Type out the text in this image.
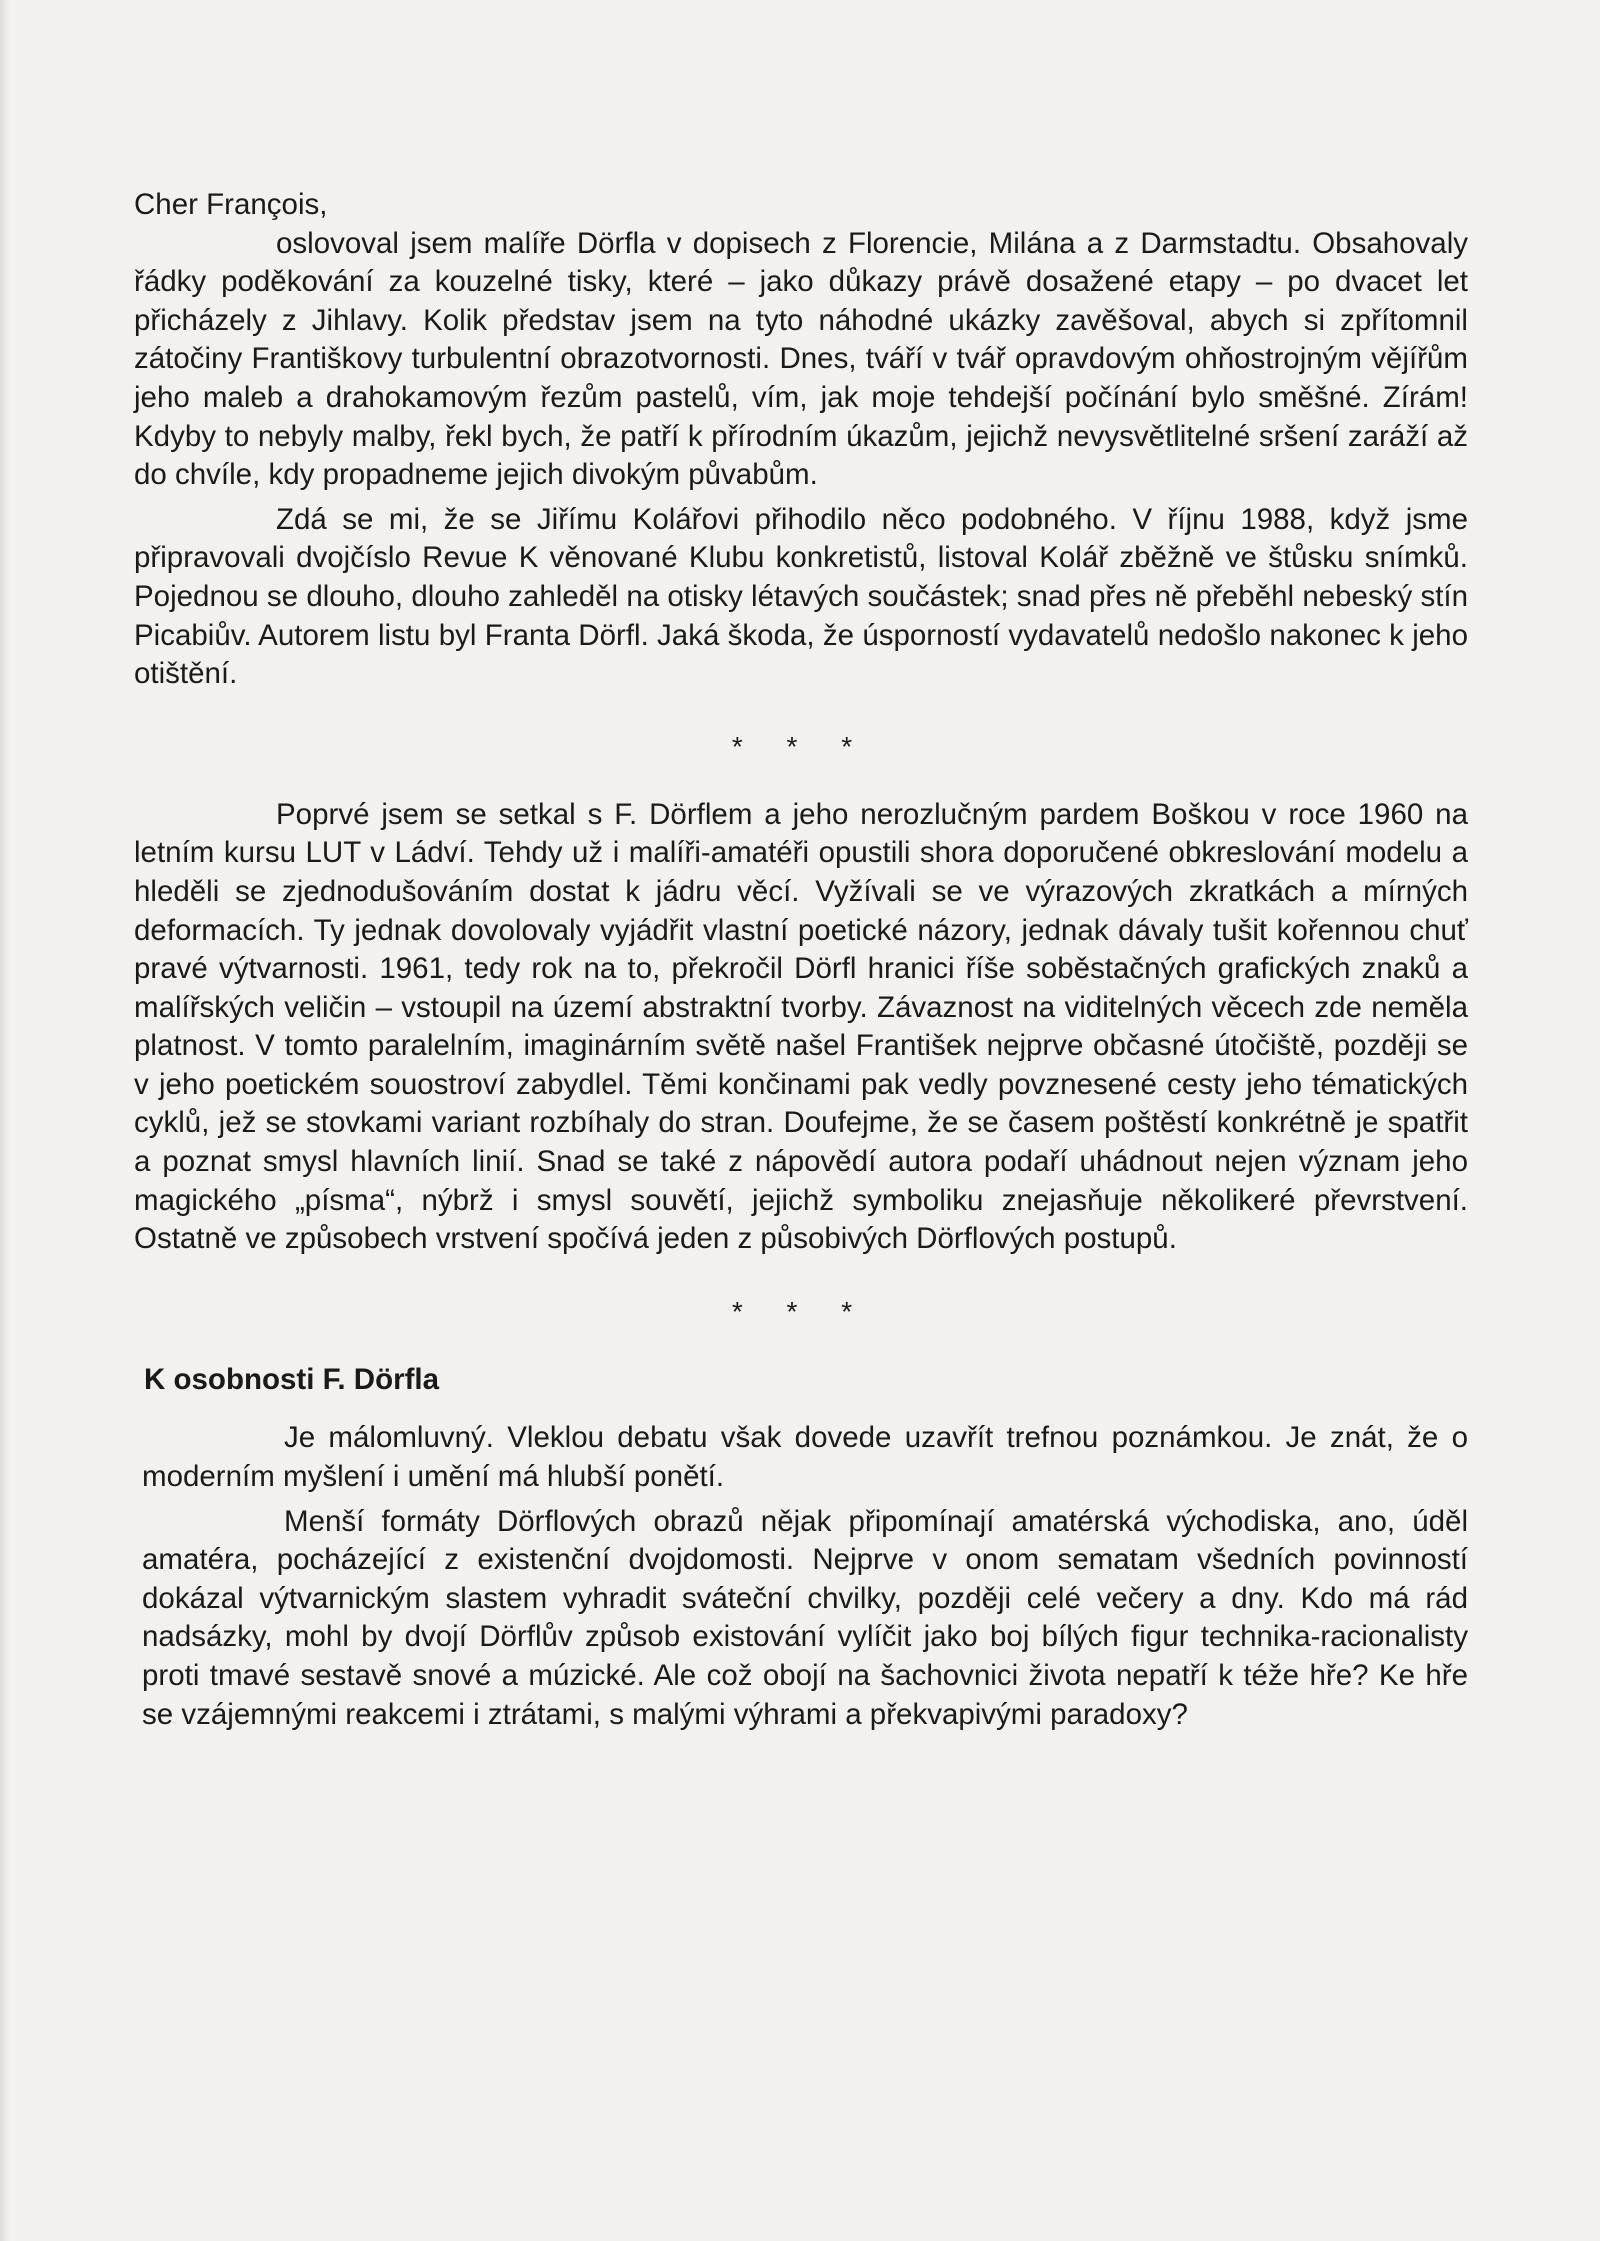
Cher François,

oslovoval jsem malíře Dörfla v dopisech z Florencie, Milána a z Darmstadtu. Obsahovaly řádky poděkování za kouzelné tisky, které – jako důkazy právě dosažené etapy – po dvacet let přicházely z Jihlavy. Kolik představ jsem na tyto náhodné ukázky zavěšoval, abych si zpřítomnil zátočiny Františkovy turbulentní obrazotvornosti. Dnes, tváří v tvář opravdovým ohňostrojným vějířům jeho maleb a drahokamovým řezům pastelů, vím, jak moje tehdejší počínání bylo směšné. Zírám! Kdyby to nebyly malby, řekl bych, že patří k přírodním úkazům, jejichž nevysvětlitelné sršení zaráží až do chvíle, kdy propadneme jejich divokým půvabům.

Zdá se mi, že se Jiřímu Kolářovi přihodilo něco podobného. V říjnu 1988, když jsme připravovali dvojčíslo Revue K věnované Klubu konkretistů, listoval Kolář zběžně ve štůsku snímků. Pojednou se dlouho, dlouho zahleděl na otisky létavých součástek; snad přes ně přeběhl nebeský stín Picabiův. Autorem listu byl Franta Dörfl. Jaká škoda, že úsporností vydavatelů nedošlo nakonec k jeho otištění.

* * *

Poprvé jsem se setkal s F. Dörflem a jeho nerozlučným pardem Boškou v roce 1960 na letním kursu LUT v Ládví. Tehdy už i malíři-amatéři opustili shora doporučené obkreslování modelu a hleděli se zjednodušováním dostat k jádru věcí. Vyžívali se ve výrazových zkratkách a mírných deformacích. Ty jednak dovolovaly vyjádřit vlastní poetické názory, jednak dávaly tušit kořennou chuť pravé výtvarnosti. 1961, tedy rok na to, překročil Dörfl hranici říše soběstačných grafických znaků a malířských veličin – vstoupil na území abstraktní tvorby. Závaznost na viditelných věcech zde neměla platnost. V tomto paralelním, imaginárním světě našel František nejprve občasné útočiště, později se v jeho poetickém souostroví zabydlel. Těmi končinami pak vedly povznesené cesty jeho tématických cyklů, jež se stovkami variant rozbíhaly do stran. Doufejme, že se časem poštěstí konkrétně je spatřit a poznat smysl hlavních linií. Snad se také z nápovědí autora podaří uhádnout nejen význam jeho magického „písma“, nýbrž i smysl souvětí, jejichž symboliku znejasňuje několikeré převrstvení. Ostatně ve způsobech vrstvení spočívá jeden z působivých Dörflových postupů.

* * *
K osobnosti F. Dörfla

Je málomluvný. Vleklou debatu však dovede uzavřít trefnou poznámkou. Je znát, že o moderním myšlení i umění má hlubší ponětí.

Menší formáty Dörflových obrazů nějak připomínají amatérská východiska, ano, úděl amatéra, pocházející z existenční dvojdomosti. Nejprve v onom sematam všedních povinností dokázal výtvarnickým slastem vyhradit sváteční chvilky, později celé večery a dny. Kdo má rád nadsázky, mohl by dvojí Dörflův způsob existování vylíčit jako boj bílých figur technika-racionalisty proti tmavé sestavě snové a múzické. Ale což obojí na šachovnici života nepatří k téže hře? Ke hře se vzájemnými reakcemi i ztrátami, s malými výhrami a překvapivými paradoxy?
